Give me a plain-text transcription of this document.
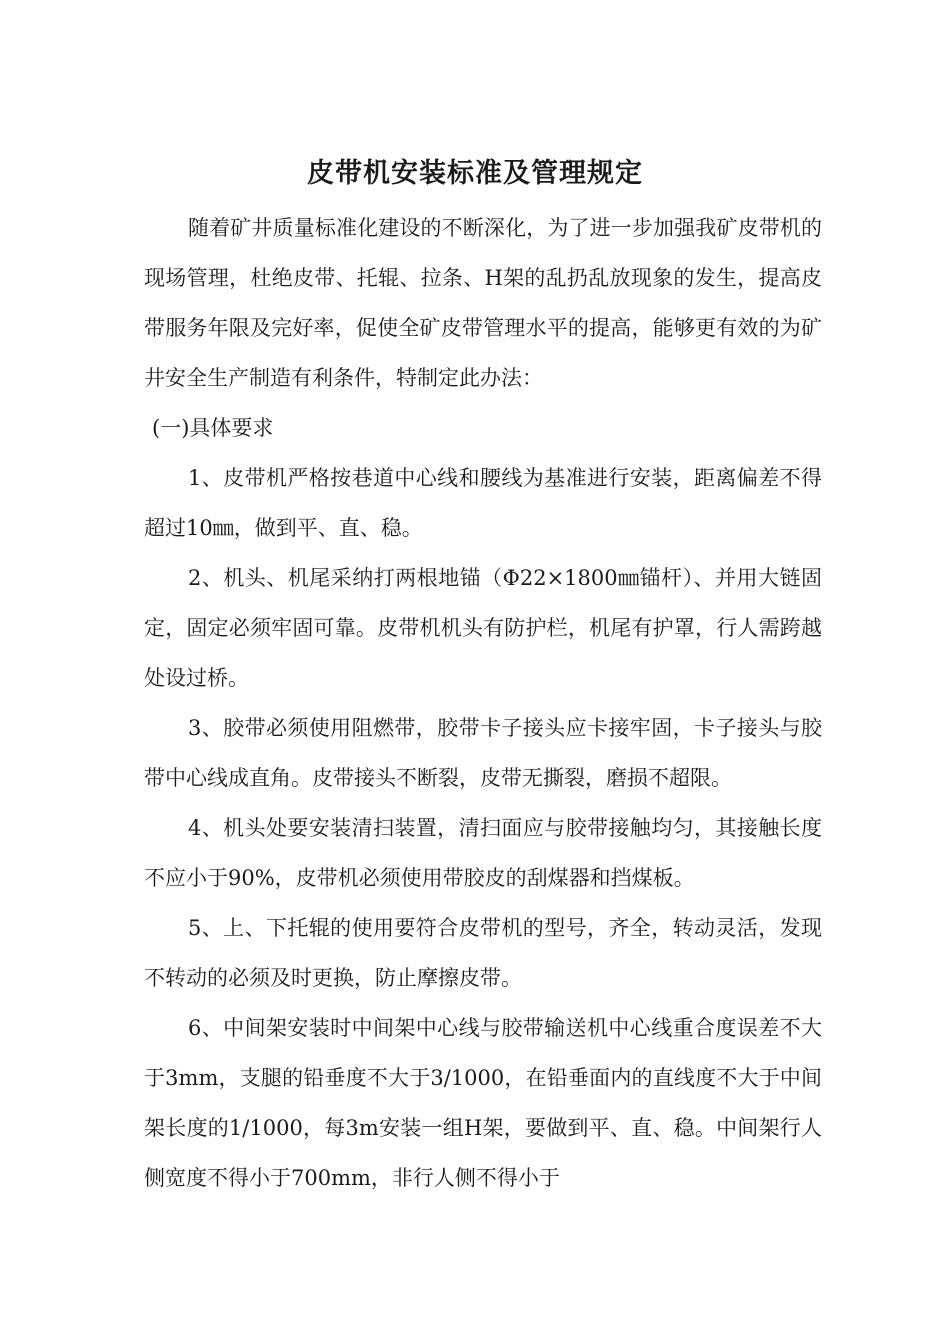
皮带机安装标准及管理规定

随着矿井质量标准化建设的不断深化，为了进一步加强我矿皮带机的现场管理，杜绝皮带、托辊、拉条、H架的乱扔乱放现象的发生，提高皮带服务年限及完好率，促使全矿皮带管理水平的提高，能够更有效的为矿井安全生产制造有利条件，特制定此办法：

(一)具体要求

1、皮带机严格按巷道中心线和腰线为基准进行安装，距离偏差不得超过10㎜，做到平、直、稳。

2、机头、机尾采纳打两根地锚（Φ22×1800㎜锚杆）、并用大链固定，固定必须牢固可靠。皮带机机头有防护栏，机尾有护罩，行人需跨越处设过桥。

3、胶带必须使用阻燃带，胶带卡子接头应卡接牢固，卡子接头与胶带中心线成直角。皮带接头不断裂，皮带无撕裂，磨损不超限。

4、机头处要安装清扫装置，清扫面应与胶带接触均匀，其接触长度不应小于90%，皮带机必须使用带胶皮的刮煤器和挡煤板。

5、上、下托辊的使用要符合皮带机的型号，齐全，转动灵活，发现不转动的必须及时更换，防止摩擦皮带。

6、中间架安装时中间架中心线与胶带输送机中心线重合度误差不大于3mm，支腿的铅垂度不大于3/1000，在铅垂面内的直线度不大于中间架长度的1/1000，每3m安装一组H架，要做到平、直、稳。中间架行人侧宽度不得小于700mm，非行人侧不得小于
